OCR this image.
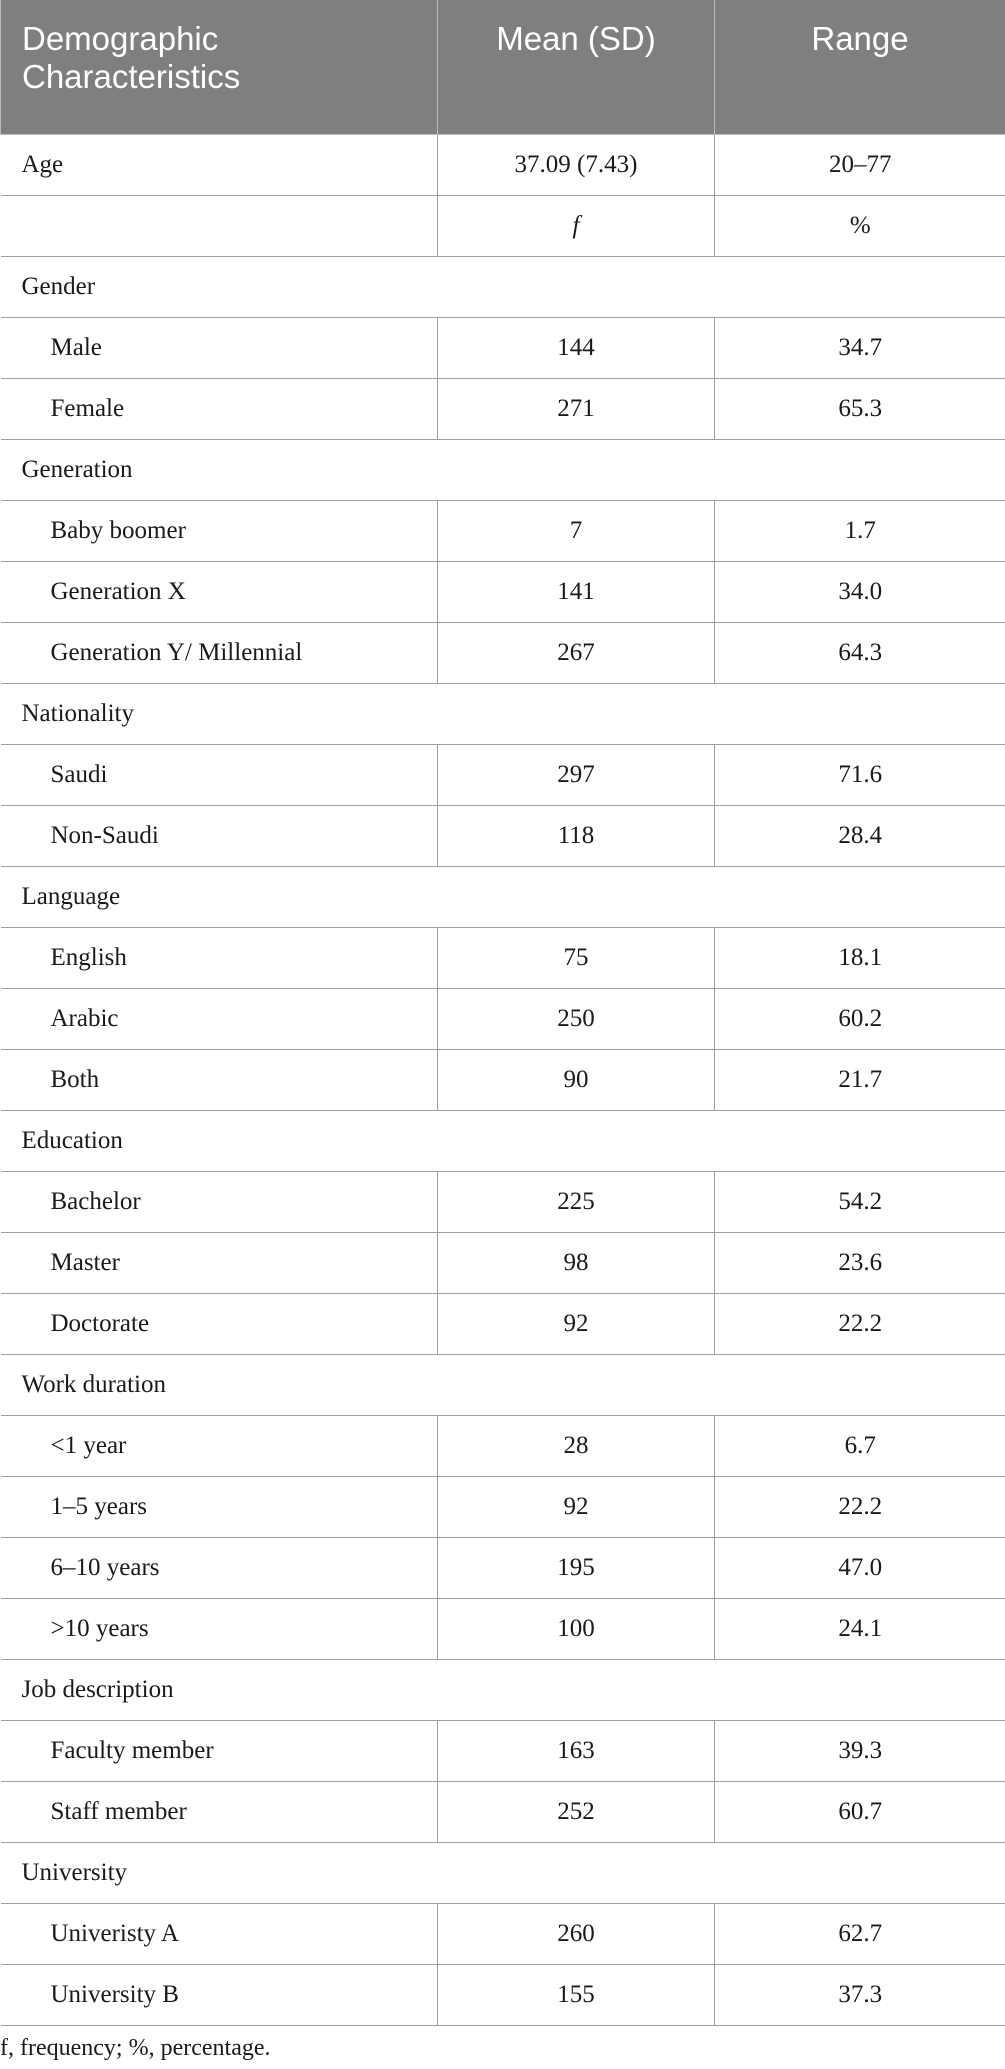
Demographic Characteristics	Mean (SD)	Range
Age	37.09 (7.43)	20–77
	f	%
Gender		
Male	144	34.7
Female	271	65.3
Generation		
Baby boomer	7	1.7
Generation X	141	34.0
Generation Y/ Millennial	267	64.3
Nationality		
Saudi	297	71.6
Non-Saudi	118	28.4
Language		
English	75	18.1
Arabic	250	60.2
Both	90	21.7
Education		
Bachelor	225	54.2
Master	98	23.6
Doctorate	92	22.2
Work duration		
<1 year	28	6.7
1–5 years	92	22.2
6–10 years	195	47.0
>10 years	100	24.1
Job description		
Faculty member	163	39.3
Staff member	252	60.7
University		
Univeristy A	260	62.7
University B	155	37.3
f, frequency; %, percentage.
